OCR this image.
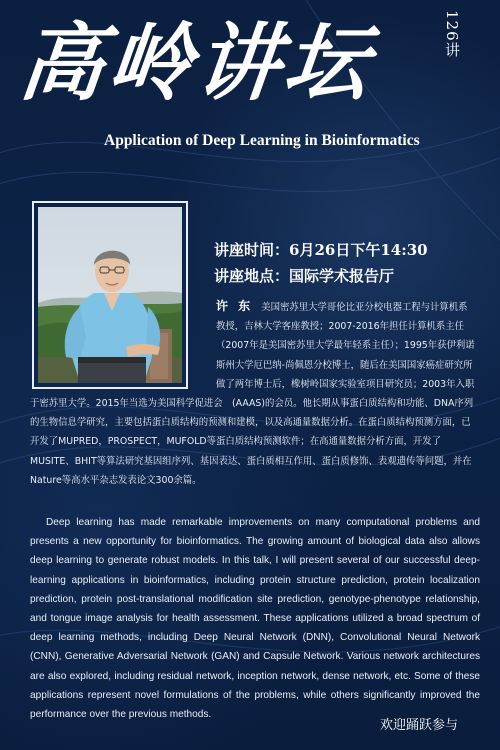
高岭讲坛	126讲
Application of Deep Learning in Bioinformatics

讲座时间：6月26日下午14:30

讲座地点：国际学术报告厅

许 东 美国密苏里大学哥伦比亚分校电器工程与计算机系教授，吉林大学客座教授；2007-2016年担任计算机系主任（2007年是美国密苏里大学最年轻系主任）；1995年获伊利诺斯州大学厄巴纳-尚佩恩分校博士，随后在美国国家癌症研究所做了两年博士后，橡树岭国家实验室项目研究员；2003年入职于密苏里大学。2015年当选为美国科学促进会　(AAAS)的会员。他长期从事蛋白质结构和功能、DNA序列的生物信息学研究，主要包括蛋白质结构的预测和建模，以及高通量数据分析。在蛋白质结构预测方面，已开发了MUPRED，PROSPECT，MUFOLD等蛋白质结构预测软件；在高通量数据分析方面，开发了MUSITE、BHIT等算法研究基因组序列、基因表达、蛋白质相互作用、蛋白质修饰、表观遗传等问题，并在Nature等高水平杂志发表论文300余篇。

Deep learning has made remarkable improvements on many computational problems and presents a new opportunity for bioinformatics. The growing amount of biological data also allows deep learning to generate robust models. In this talk, I will present several of our successful deep-learning applications in bioinformatics, including protein structure prediction, protein localization prediction, protein post-translational modification site prediction, genotype-phenotype relationship, and tongue image analysis for health assessment. These applications utilized a broad spectrum of deep learning methods, including Deep Neural Network (DNN), Convolutional Neural Network (CNN), Generative Adversarial Network (GAN) and Capsule Network. Various network architectures are also explored, including residual network, inception network, dense network, etc. Some of these applications represent novel formulations of the problems, while others significantly improved the performance over the previous methods.

欢迎踊跃参与
